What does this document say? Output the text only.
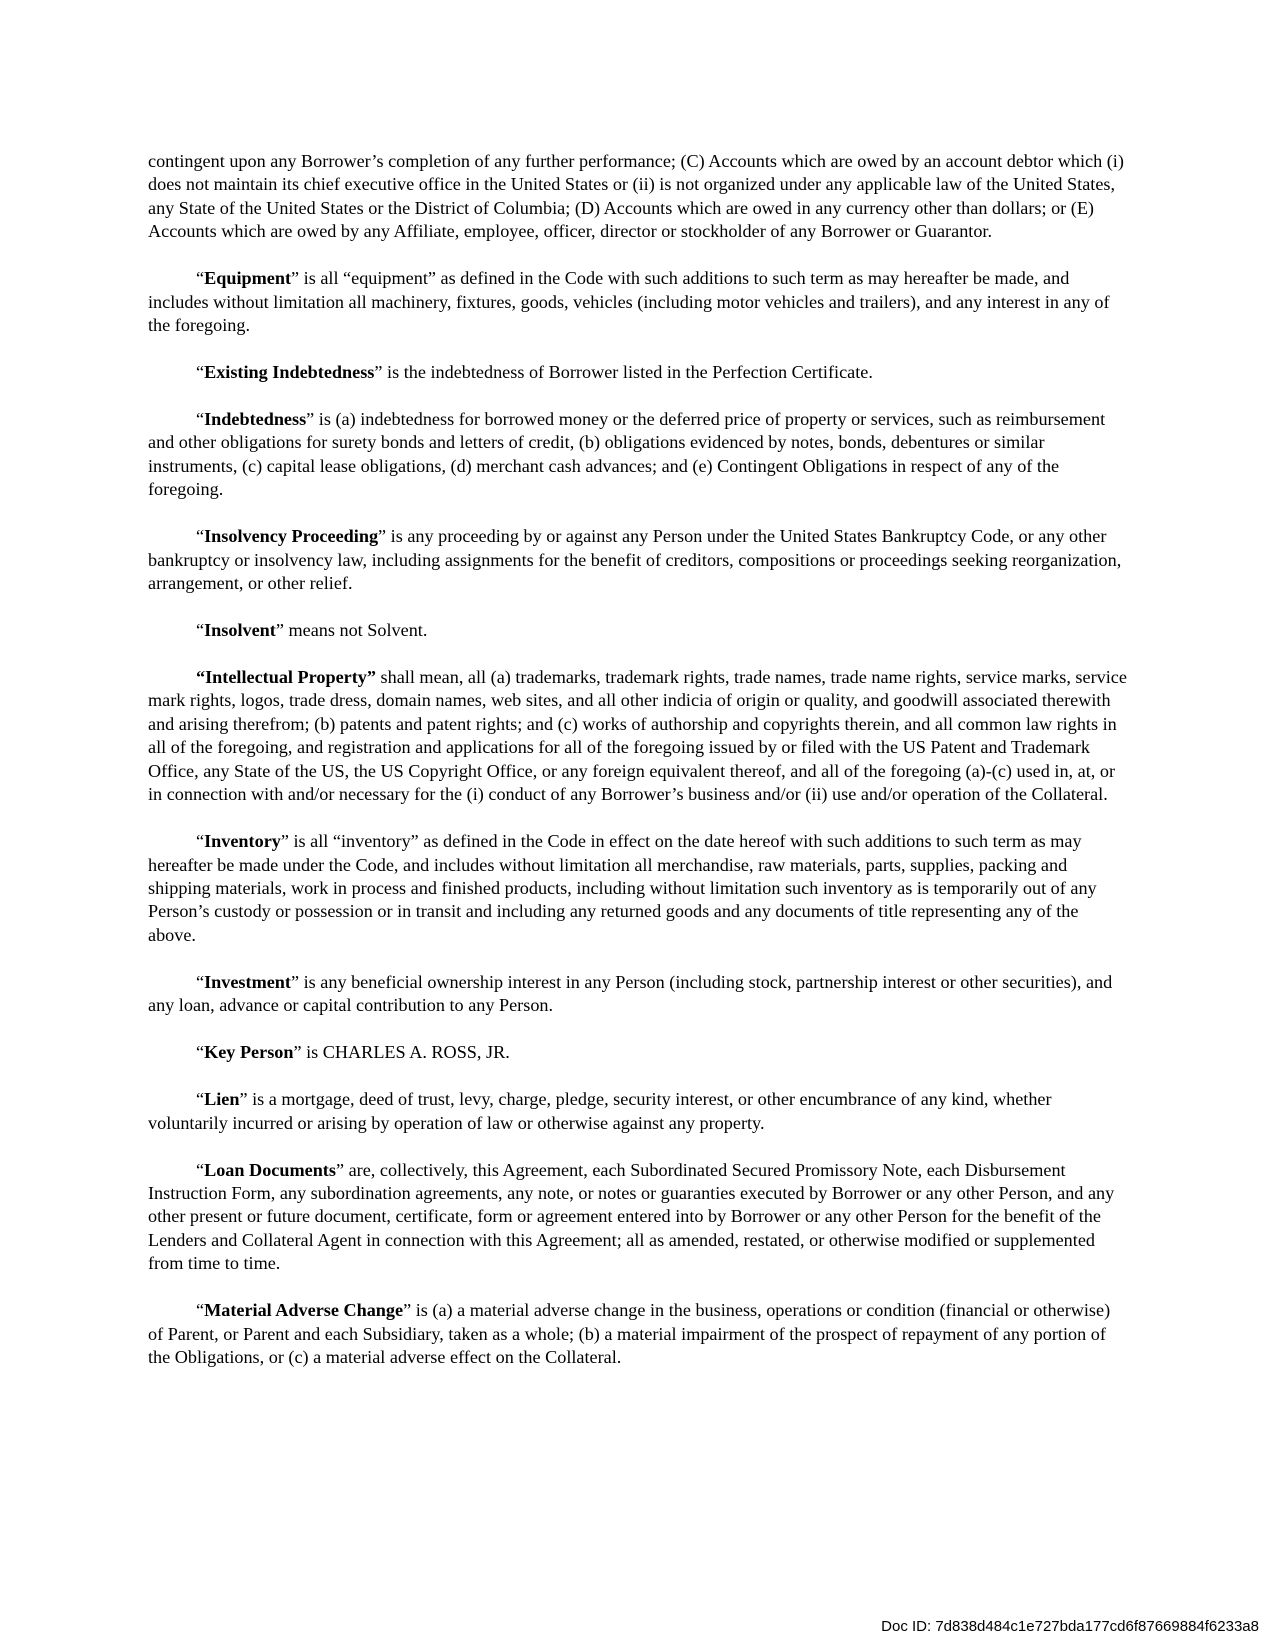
contingent upon any Borrower’s completion of any further performance; (C) Accounts which are owed by an account debtor which (i) does not maintain its chief executive office in the United States or (ii) is not organized under any applicable law of the United States, any State of the United States or the District of Columbia; (D) Accounts which are owed in any currency other than dollars; or (E) Accounts which are owed by any Affiliate, employee, officer, director or stockholder of any Borrower or Guarantor.

“Equipment” is all “equipment” as defined in the Code with such additions to such term as may hereafter be made, and includes without limitation all machinery, fixtures, goods, vehicles (including motor vehicles and trailers), and any interest in any of the foregoing.

“Existing Indebtedness” is the indebtedness of Borrower listed in the Perfection Certificate.

“Indebtedness” is (a) indebtedness for borrowed money or the deferred price of property or services, such as reimbursement and other obligations for surety bonds and letters of credit, (b) obligations evidenced by notes, bonds, debentures or similar instruments, (c) capital lease obligations, (d) merchant cash advances; and (e) Contingent Obligations in respect of any of the foregoing.

“Insolvency Proceeding” is any proceeding by or against any Person under the United States Bankruptcy Code, or any other bankruptcy or insolvency law, including assignments for the benefit of creditors, compositions or proceedings seeking reorganization, arrangement, or other relief.

“Insolvent” means not Solvent.

“Intellectual Property” shall mean, all (a) trademarks, trademark rights, trade names, trade name rights, service marks, service mark rights, logos, trade dress, domain names, web sites, and all other indicia of origin or quality, and goodwill associated therewith and arising therefrom; (b) patents and patent rights; and (c) works of authorship and copyrights therein, and all common law rights in all of the foregoing, and registration and applications for all of the foregoing issued by or filed with the US Patent and Trademark Office, any State of the US, the US Copyright Office, or any foreign equivalent thereof, and all of the foregoing (a)-(c) used in, at, or in connection with and/or necessary for the (i) conduct of any Borrower’s business and/or (ii) use and/or operation of the Collateral.

“Inventory” is all “inventory” as defined in the Code in effect on the date hereof with such additions to such term as may hereafter be made under the Code, and includes without limitation all merchandise, raw materials, parts, supplies, packing and shipping materials, work in process and finished products, including without limitation such inventory as is temporarily out of any Person’s custody or possession or in transit and including any returned goods and any documents of title representing any of the above.

“Investment” is any beneficial ownership interest in any Person (including stock, partnership interest or other securities), and any loan, advance or capital contribution to any Person.

“Key Person” is CHARLES A. ROSS, JR.

“Lien” is a mortgage, deed of trust, levy, charge, pledge, security interest, or other encumbrance of any kind, whether voluntarily incurred or arising by operation of law or otherwise against any property.

“Loan Documents” are, collectively, this Agreement, each Subordinated Secured Promissory Note, each Disbursement Instruction Form, any subordination agreements, any note, or notes or guaranties executed by Borrower or any other Person, and any other present or future document, certificate, form or agreement entered into by Borrower or any other Person for the benefit of the Lenders and Collateral Agent in connection with this Agreement; all as amended, restated, or otherwise modified or supplemented from time to time.

“Material Adverse Change” is (a) a material adverse change in the business, operations or condition (financial or otherwise) of Parent, or Parent and each Subsidiary, taken as a whole; (b) a material impairment of the prospect of repayment of any portion of the Obligations, or (c) a material adverse effect on the Collateral.

Doc ID: 7d838d484c1e727bda177cd6f87669884f6233a8
